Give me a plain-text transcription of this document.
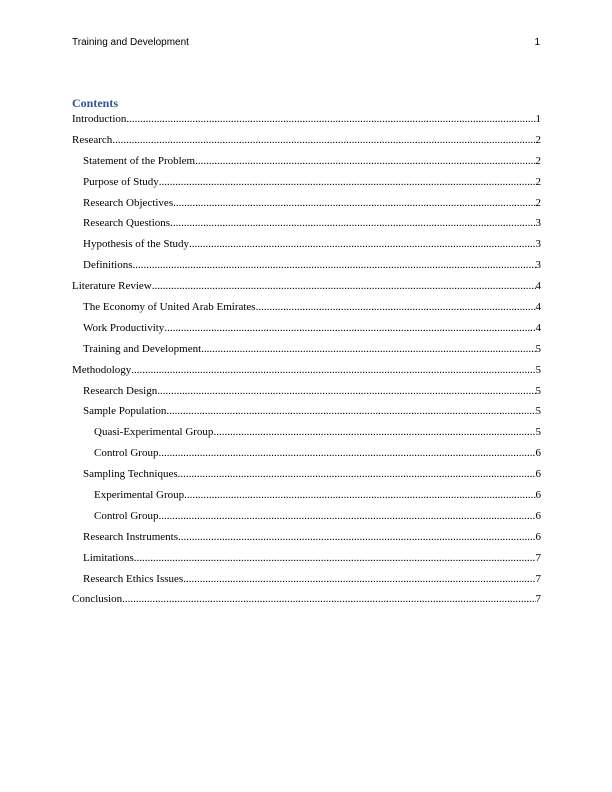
Training and Development	1
Contents
Introduction .....	1
Research .....	2
Statement of the Problem .....	2
Purpose of Study .....	2
Research Objectives .....	2
Research Questions .....	3
Hypothesis of the Study .....	3
Definitions .....	3
Literature Review .....	4
The Economy of United Arab Emirates .....	4
Work Productivity .....	4
Training and Development .....	5
Methodology .....	5
Research Design .....	5
Sample Population .....	5
Quasi-Experimental Group .....	5
Control Group .....	6
Sampling Techniques .....	6
Experimental Group .....	6
Control Group .....	6
Research Instruments .....	6
Limitations .....	7
Research Ethics Issues .....	7
Conclusion .....	7
